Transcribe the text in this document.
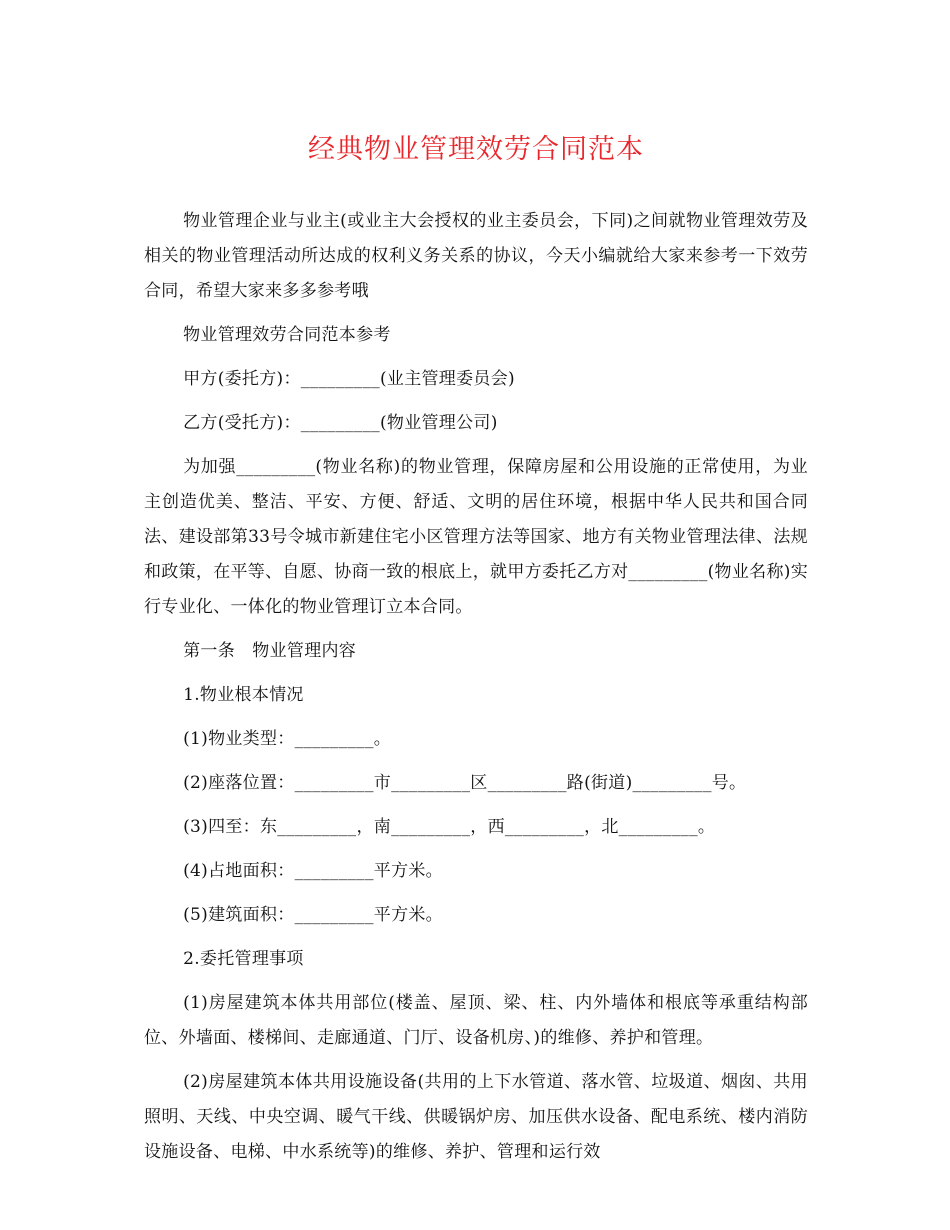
经典物业管理效劳合同范本

物业管理企业与业主(或业主大会授权的业主委员会，下同)之间就物业管理效劳及相关的物业管理活动所达成的权利义务关系的协议，今天小编就给大家来参考一下效劳合同，希望大家来多多参考哦

物业管理效劳合同范本参考

甲方(委托方)：_________(业主管理委员会)

乙方(受托方)：_________(物业管理公司)

为加强_________(物业名称)的物业管理，保障房屋和公用设施的正常使用，为业主创造优美、整洁、平安、方便、舒适、文明的居住环境，根据中华人民共和国合同法、建设部第33号令城市新建住宅小区管理方法等国家、地方有关物业管理法律、法规和政策，在平等、自愿、协商一致的根底上，就甲方委托乙方对_________(物业名称)实行专业化、一体化的物业管理订立本合同。

第一条　物业管理内容

1.物业根本情况

(1)物业类型：_________。

(2)座落位置：_________市_________区_________路(街道)_________号。

(3)四至：东_________，南_________，西_________，北_________。

(4)占地面积：_________平方米。

(5)建筑面积：_________平方米。

2.委托管理事项

(1)房屋建筑本体共用部位(楼盖、屋顶、梁、柱、内外墙体和根底等承重结构部位、外墙面、楼梯间、走廊通道、门厅、设备机房、)的维修、养护和管理。

(2)房屋建筑本体共用设施设备(共用的上下水管道、落水管、垃圾道、烟囱、共用照明、天线、中央空调、暖气干线、供暖锅炉房、加压供水设备、配电系统、楼内消防设施设备、电梯、中水系统等)的维修、养护、管理和运行效
